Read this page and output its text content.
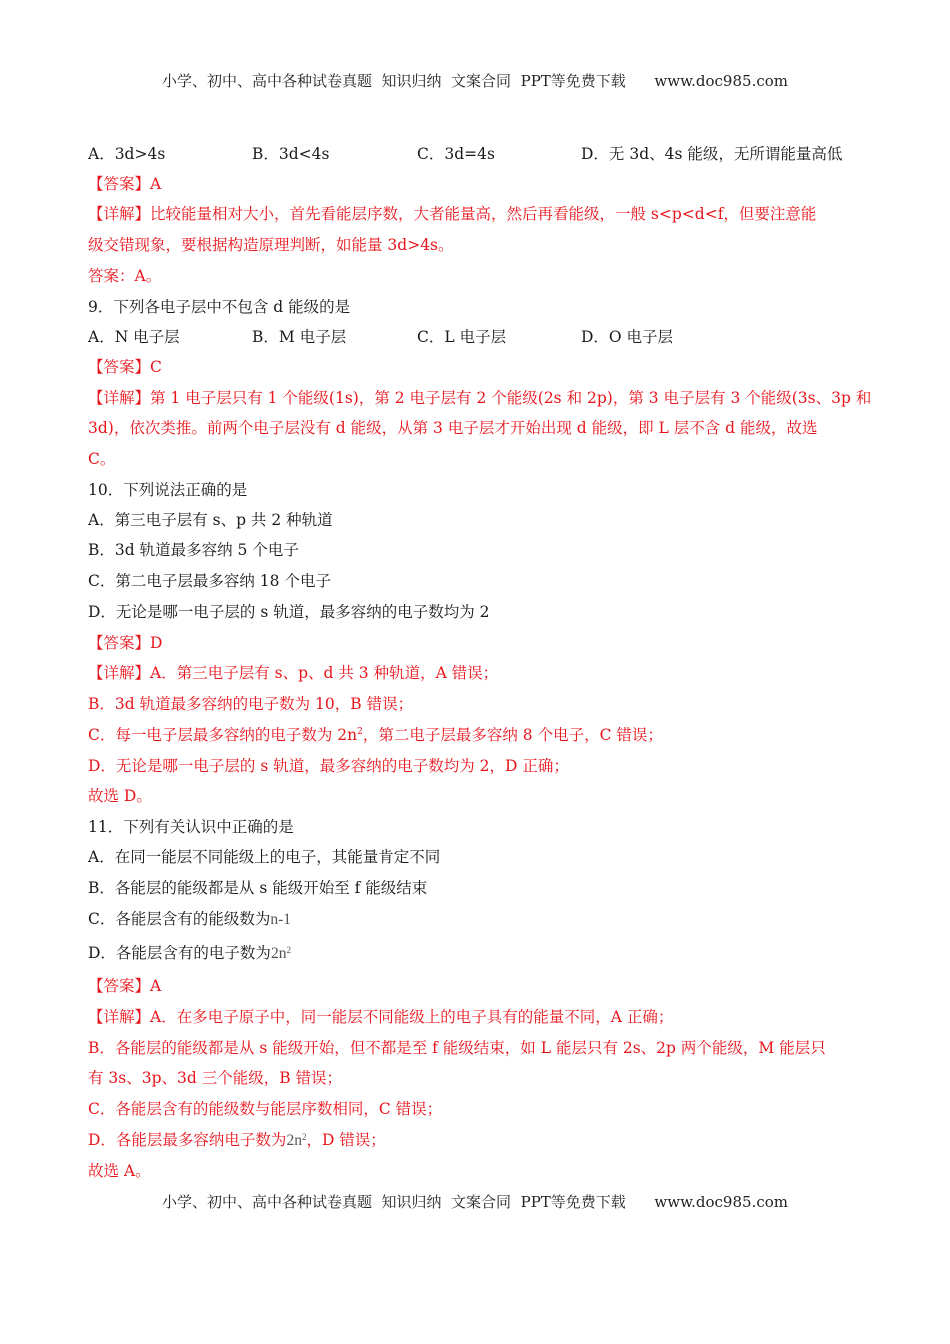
小学、初中、高中各种试卷真题  知识归纳  文案合同  PPT等免费下载      www.doc985.com
A．3d>4s	B．3d<4s	C．3d=4s	D．无 3d、4s 能级，无所谓能量高低
【答案】A
【详解】比较能量相对大小，首先看能层序数，大者能量高，然后再看能级，一般 s<p<d<f，但要注意能
级交错现象，要根据构造原理判断，如能量 3d>4s。
答案：A。
9．下列各电子层中不包含 d 能级的是
A．N 电子层	B．M 电子层	C．L 电子层	D．O 电子层
【答案】C
【详解】第 1 电子层只有 1 个能级(1s)，第 2 电子层有 2 个能级(2s 和 2p)，第 3 电子层有 3 个能级(3s、3p 和
3d)，依次类推。前两个电子层没有 d 能级，从第 3 电子层才开始出现 d 能级，即 L 层不含 d 能级，故选
C。
10．下列说法正确的是
A．第三电子层有 s、p 共 2 种轨道
B．3d 轨道最多容纳 5 个电子
C．第二电子层最多容纳 18 个电子
D．无论是哪一电子层的 s 轨道，最多容纳的电子数均为 2
【答案】D
【详解】A．第三电子层有 s、p、d 共 3 种轨道，A 错误；
B．3d 轨道最多容纳的电子数为 10，B 错误；
C．每一电子层最多容纳的电子数为 $2n^2$，第二电子层最多容纳 8 个电子，C 错误；
D．无论是哪一电子层的 s 轨道，最多容纳的电子数均为 2，D 正确；
故选 D。
11．下列有关认识中正确的是
A．在同一能层不同能级上的电子，其能量肯定不同
B．各能层的能级都是从 s 能级开始至 f 能级结束
C．各能层含有的能级数为n-1
D．各能层含有的电子数为$2n^2$
【答案】A
【详解】A．在多电子原子中，同一能层不同能级上的电子具有的能量不同，A 正确；
B．各能层的能级都是从 s 能级开始，但不都是至 f 能级结束，如 L 能层只有 2s、2p 两个能级，M 能层只
有 3s、3p、3d 三个能级，B 错误；
C．各能层含有的能级数与能层序数相同，C 错误；
D．各能层最多容纳电子数为$2n^2$，D 错误；
故选 A。
小学、初中、高中各种试卷真题  知识归纳  文案合同  PPT等免费下载      www.doc985.com
